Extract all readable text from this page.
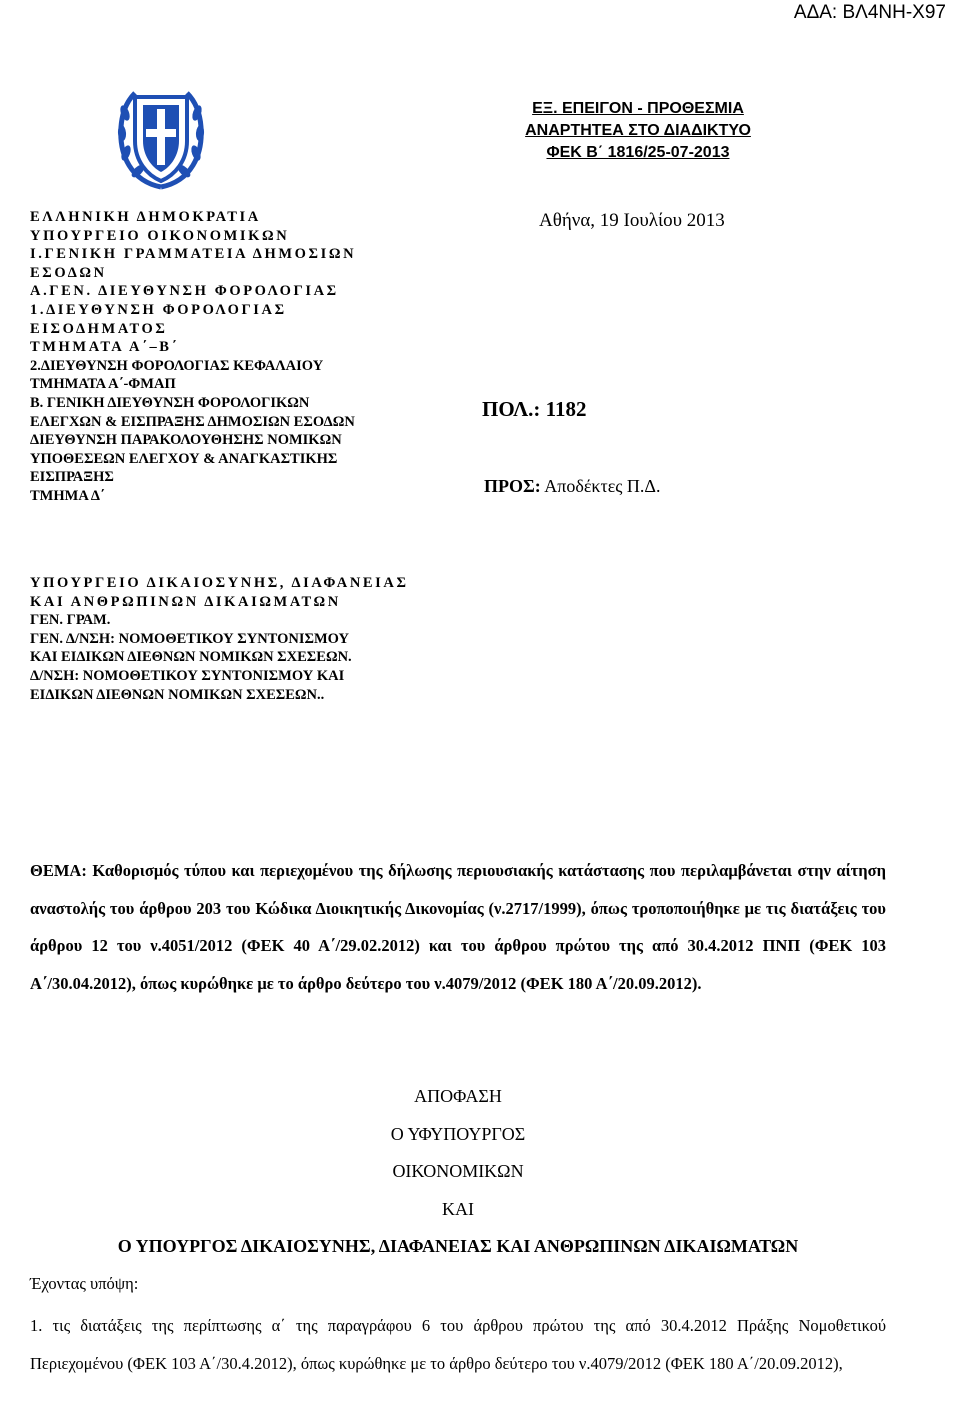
ΑΔΑ: ΒΛ4ΝΗ-Χ97
ΕΞ. ΕΠΕΙΓΟΝ - ΠΡΟΘΕΣΜΙΑ
ΑΝΑΡΤΗΤΕΑ ΣΤΟ ΔΙΑΔΙΚΤΥΟ
ΦΕΚ Β΄ 1816/25-07-2013
ΕΛΛΗΝΙΚΗ ΔΗΜΟΚΡΑΤΙΑ
ΥΠΟΥΡΓΕΙΟ ΟΙΚΟΝΟΜΙΚΩΝ
Ι.ΓΕΝΙΚΗ ΓΡΑΜΜΑΤΕΙΑ ΔΗΜΟΣΙΩΝ
ΕΣΟΔΩΝ
Α.ΓΕΝ. ΔΙΕΥΘΥΝΣΗ ΦΟΡΟΛΟΓΙΑΣ
1.ΔΙΕΥΘΥΝΣΗ ΦΟΡΟΛΟΓΙΑΣ
ΕΙΣΟΔΗΜΑΤΟΣ
ΤΜΗΜΑΤΑ Α΄–Β΄
2.ΔΙΕΥΘΥΝΣΗ ΦΟΡΟΛΟΓΙΑΣ ΚΕΦΑΛΑΙΟΥ
ΤΜΗΜΑΤΑ Α΄-ΦΜΑΠ
Β. ΓΕΝΙΚΗ ΔΙΕΥΘΥΝΣΗ ΦΟΡΟΛΟΓΙΚΩΝ
ΕΛΕΓΧΩΝ & ΕΙΣΠΡΑΞΗΣ ΔΗΜΟΣΙΩΝ ΕΣΟΔΩΝ
ΔΙΕΥΘΥΝΣΗ ΠΑΡΑΚΟΛΟΥΘΗΣΗΣ ΝΟΜΙΚΩΝ
ΥΠΟΘΕΣΕΩΝ ΕΛΕΓΧΟΥ & ΑΝΑΓΚΑΣΤΙΚΗΣ
ΕΙΣΠΡΑΞΗΣ
ΤΜΗΜΑ Δ΄
Αθήνα, 19 Ιουλίου 2013
ΠΟΛ.: 1182
ΠΡΟΣ: Αποδέκτες Π.Δ.
ΥΠΟΥΡΓΕΙΟ ΔΙΚΑΙΟΣΥΝΗΣ, ΔΙΑΦΑΝΕΙΑΣ
ΚΑΙ ΑΝΘΡΩΠΙΝΩΝ ΔΙΚΑΙΩΜΑΤΩΝ
ΓΕΝ. ΓΡΑΜ.
ΓΕΝ. Δ/ΝΣΗ: ΝΟΜΟΘΕΤΙΚΟΥ ΣΥΝΤΟΝΙΣΜΟΥ
ΚΑΙ ΕΙΔΙΚΩΝ ΔΙΕΘΝΩΝ ΝΟΜΙΚΩΝ ΣΧΕΣΕΩΝ.
Δ/ΝΣΗ: ΝΟΜΟΘΕΤΙΚΟΥ ΣΥΝΤΟΝΙΣΜΟΥ ΚΑΙ
ΕΙΔΙΚΩΝ ΔΙΕΘΝΩΝ ΝΟΜΙΚΩΝ ΣΧΕΣΕΩΝ..
ΘΕΜΑ: Καθορισμός τύπου και περιεχομένου της δήλωσης περιουσιακής κατάστασης που περιλαμβάνεται στην αίτηση αναστολής του άρθρου 203 του Κώδικα Διοικητικής Δικονομίας (ν.2717/1999), όπως τροποποιήθηκε με τις διατάξεις του άρθρου 12 του ν.4051/2012 (ΦΕΚ 40 Α΄/29.02.2012) και του άρθρου πρώτου της από 30.4.2012 ΠΝΠ (ΦΕΚ 103 Α΄/30.04.2012), όπως κυρώθηκε με το άρθρο δεύτερο του ν.4079/2012 (ΦΕΚ 180 Α΄/20.09.2012).
ΑΠΟΦΑΣΗ
Ο ΥΦΥΠΟΥΡΓΟΣ
ΟΙΚΟΝΟΜΙΚΩΝ
ΚΑΙ
Ο ΥΠΟΥΡΓΟΣ ΔΙΚΑΙΟΣΥΝΗΣ, ΔΙΑΦΑΝΕΙΑΣ ΚΑΙ ΑΝΘΡΩΠΙΝΩΝ ΔΙΚΑΙΩΜΑΤΩΝ
Έχοντας υπόψη:
1. τις διατάξεις της περίπτωσης α΄ της παραγράφου 6 του άρθρου πρώτου της από 30.4.2012 Πράξης Νομοθετικού Περιεχομένου (ΦΕΚ 103 Α΄/30.4.2012), όπως κυρώθηκε με το άρθρο δεύτερο του ν.4079/2012 (ΦΕΚ 180 Α΄/20.09.2012),
